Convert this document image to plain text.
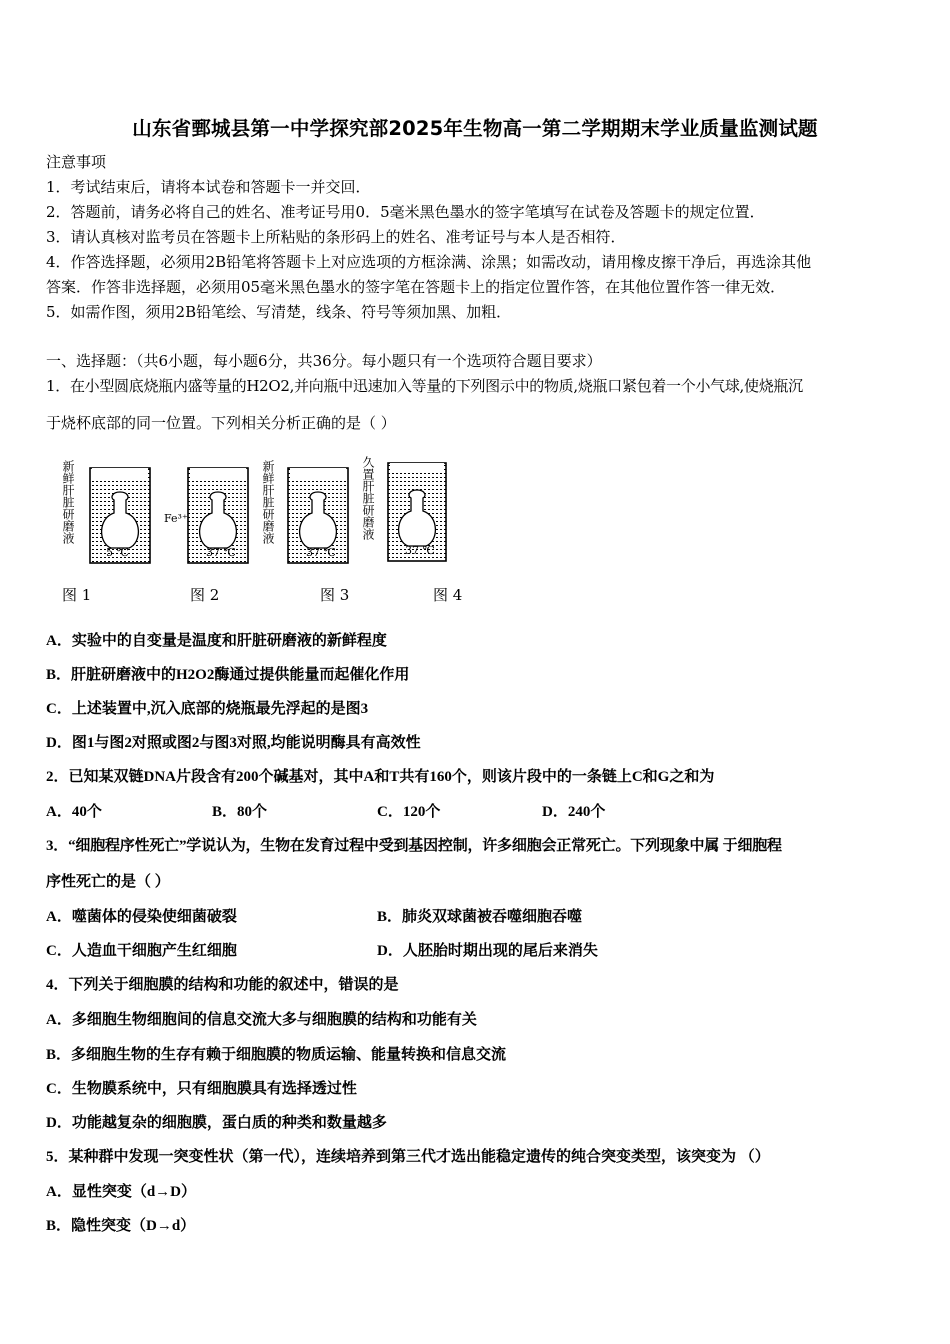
山东省鄄城县第一中学探究部2025年生物高一第二学期期末学业质量监测试题
注意事项
1．考试结束后，请将本试卷和答题卡一并交回．
2．答题前，请务必将自己的姓名、准考证号用0．5毫米黑色墨水的签字笔填写在试卷及答题卡的规定位置．
3．请认真核对监考员在答题卡上所粘贴的条形码上的姓名、准考证号与本人是否相符．
4．作答选择题，必须用2B铅笔将答题卡上对应选项的方框涂满、涂黑；如需改动，请用橡皮擦干净后，再选涂其他
答案．作答非选择题，必须用05毫米黑色墨水的签字笔在答题卡上的指定位置作答，在其他位置作答一律无效．
5．如需作图，须用2B铅笔绘、写清楚，线条、符号等须加黑、加粗．
一、选择题：（共6小题，每小题6分，共36分。每小题只有一个选项符合题目要求）
1．在小型圆底烧瓶内盛等量的H2O2,并向瓶中迅速加入等量的下列图示中的物质,烧瓶口紧包着一个小气球,使烧瓶沉
于烧杯底部的同一位置。下列相关分析正确的是（ ）
5 ℃	37 ℃	37 ℃	37 ℃
新鲜肝脏研磨液	Fe³⁺	新鲜肝脏研磨液	久置肝脏研磨液
图 1	图 2	图 3	图 4
A．实验中的自变量是温度和肝脏研磨液的新鲜程度
B．肝脏研磨液中的H2O2酶通过提供能量而起催化作用
C．上述装置中,沉入底部的烧瓶最先浮起的是图3
D．图1与图2对照或图2与图3对照,均能说明酶具有高效性
2．已知某双链DNA片段含有200个碱基对，其中A和T共有160个，则该片段中的一条链上C和G之和为
A．40个	B．80个	C．120个	D．240个
3．“细胞程序性死亡”学说认为，生物在发育过程中受到基因控制，许多细胞会正常死亡。下列现象中属 于细胞程
序性死亡的是（ ）
A．噬菌体的侵染使细菌破裂	B．肺炎双球菌被吞噬细胞吞噬
C．人造血干细胞产生红细胞	D．人胚胎时期出现的尾后来消失
4．下列关于细胞膜的结构和功能的叙述中，错误的是
A．多细胞生物细胞间的信息交流大多与细胞膜的结构和功能有关
B．多细胞生物的生存有赖于细胞膜的物质运输、能量转换和信息交流
C．生物膜系统中，只有细胞膜具有选择透过性
D．功能越复杂的细胞膜，蛋白质的种类和数量越多
5．某种群中发现一突变性状（第一代），连续培养到第三代才选出能稳定遗传的纯合突变类型，该突变为 （）
A．显性突变（d→D）
B．隐性突变（D→d）
